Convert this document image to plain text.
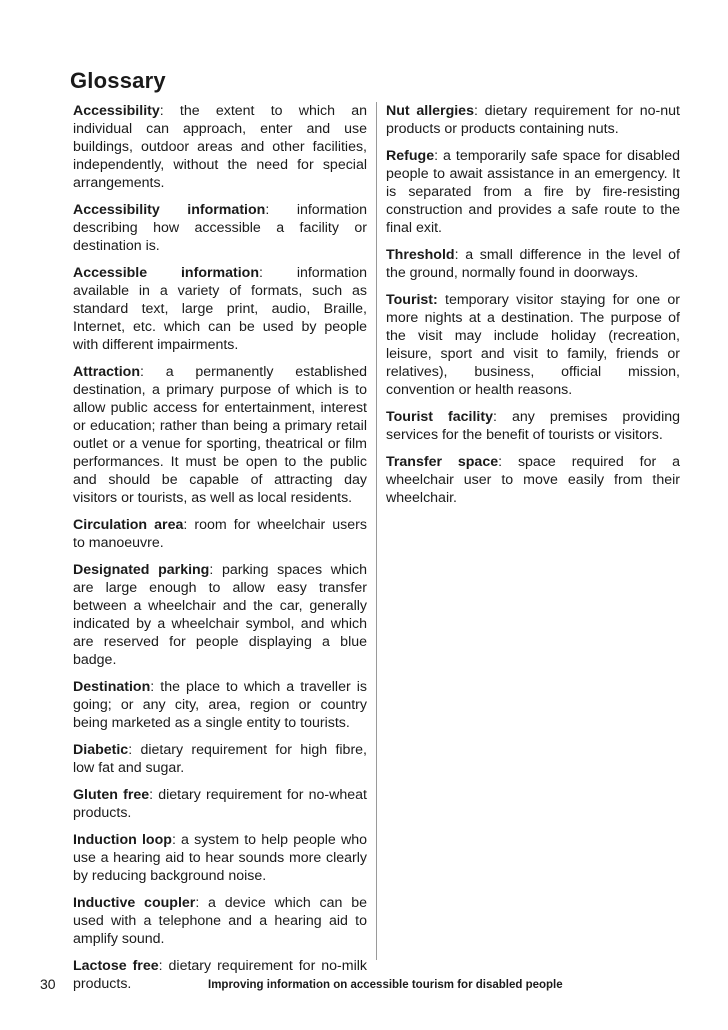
Glossary

Accessibility: the extent to which an individual can approach, enter and use buildings, outdoor areas and other facilities, independently, without the need for special arrangements.

Accessibility information: information describing how accessible a facility or destination is.

Accessible information: information available in a variety of formats, such as standard text, large print, audio, Braille, Internet, etc. which can be used by people with different impairments.

Attraction: a permanently established destination, a primary purpose of which is to allow public access for entertainment, interest or education; rather than being a primary retail outlet or a venue for sporting, theatrical or film performances. It must be open to the public and should be capable of attracting day visitors or tourists, as well as local residents.

Circulation area: room for wheelchair users to manoeuvre.

Designated parking: parking spaces which are large enough to allow easy transfer between a wheelchair and the car, generally indicated by a wheelchair symbol, and which are reserved for people displaying a blue badge.

Destination: the place to which a traveller is going; or any city, area, region or country being marketed as a single entity to tourists.

Diabetic: dietary requirement for high fibre, low fat and sugar.

Gluten free: dietary requirement for no-wheat products.

Induction loop: a system to help people who use a hearing aid to hear sounds more clearly by reducing background noise.

Inductive coupler: a device which can be used with a telephone and a hearing aid to amplify sound.

Lactose free: dietary requirement for no-milk products.

Nut allergies: dietary requirement for no-nut products or products containing nuts.

Refuge: a temporarily safe space for disabled people to await assistance in an emergency. It is separated from a fire by fire-resisting construction and provides a safe route to the final exit.

Threshold: a small difference in the level of the ground, normally found in doorways.

Tourist: temporary visitor staying for one or more nights at a destination. The purpose of the visit may include holiday (recreation, leisure, sport and visit to family, friends or relatives), business, official mission, convention or health reasons.

Tourist facility: any premises providing services for the benefit of tourists or visitors.

Transfer space: space required for a wheelchair user to move easily from their wheelchair.

30	Improving information on accessible tourism for disabled people
